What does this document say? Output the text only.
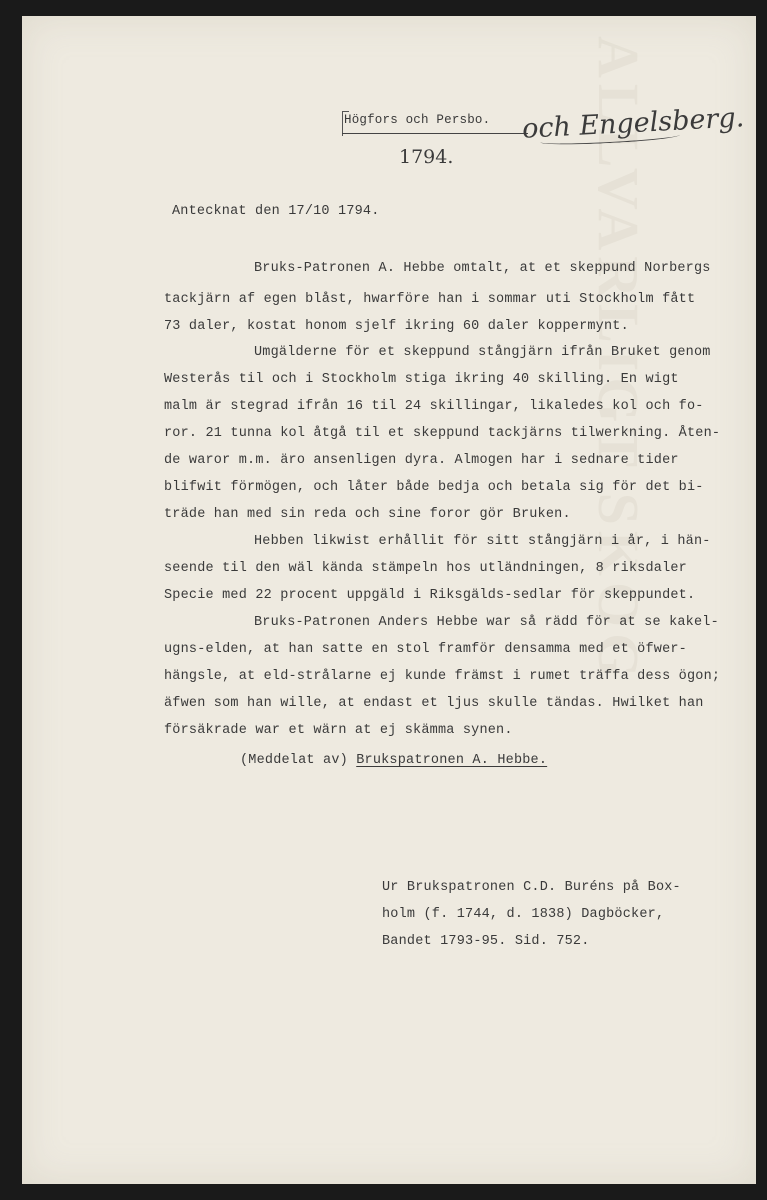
ALLVARLIGT SKOG
Högfors och Persbo. och Engelsberg.
1794.
Antecknat den 17/10 1794.
Bruks-Patronen A. Hebbe omtalt, at et skeppund Norbergs
tackjärn af egen blåst, hwarföre han i sommar uti Stockholm fått
73 daler, kostat honom sjelf ikring 60 daler koppermynt.
Umgälderne för et skeppund stångjärn ifrån Bruket genom
Westerås til och i Stockholm stiga ikring 40 skilling. En wigt
malm är stegrad ifrån 16 til 24 skillingar, likaledes kol och fo-
ror. 21 tunna kol åtgå til et skeppund tackjärns tilwerkning. Åten-
de waror m.m. äro ansenligen dyra. Almogen har i sednare tider
blifwit förmögen, och låter både bedja och betala sig för det bi-
träde han med sin reda och sine foror gör Bruken.
Hebben likwist erhållit för sitt stångjärn i år, i hän-
seende til den wäl kända stämpeln hos utländningen, 8 riksdaler
Specie med 22 procent uppgäld i Riksgälds-sedlar för skeppundet.
Bruks-Patronen Anders Hebbe war så rädd för at se kakel-
ugns-elden, at han satte en stol framför densamma med et öfwer-
hängsle, at eld-strålarne ej kunde främst i rumet träffa dess ögon;
äfwen som han wille, at endast et ljus skulle tändas. Hwilket han
försäkrade war et wärn at ej skämma synen.
(Meddelat av) Brukspatronen A. Hebbe.
Ur Brukspatronen C.D. Buréns på Box-
holm (f. 1744, d. 1838) Dagböcker,
Bandet 1793-95. Sid. 752.
